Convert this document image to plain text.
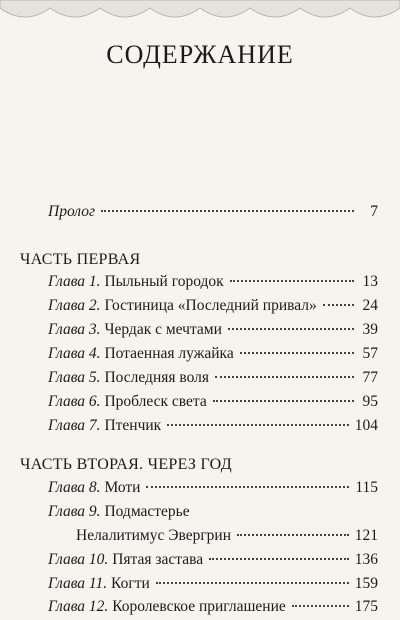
СОДЕРЖАНИЕ
Пролог	7
ЧАСТЬ ПЕРВАЯ
Глава 1. Пыльный городок	13
Глава 2. Гостиница «Последний привал»	24
Глава 3. Чердак с мечтами	39
Глава 4. Потаенная лужайка	57
Глава 5. Последняя воля	77
Глава 6. Проблеск света	95
Глава 7. Птенчик	104
ЧАСТЬ ВТОРАЯ. ЧЕРЕЗ ГОД
Глава 8. Моти	115
Глава 9. Подмастерье
Нелалитимус Эвергрин	121
Глава 10. Пятая застава	136
Глава 11. Когти	159
Глава 12. Королевское приглашение	175
